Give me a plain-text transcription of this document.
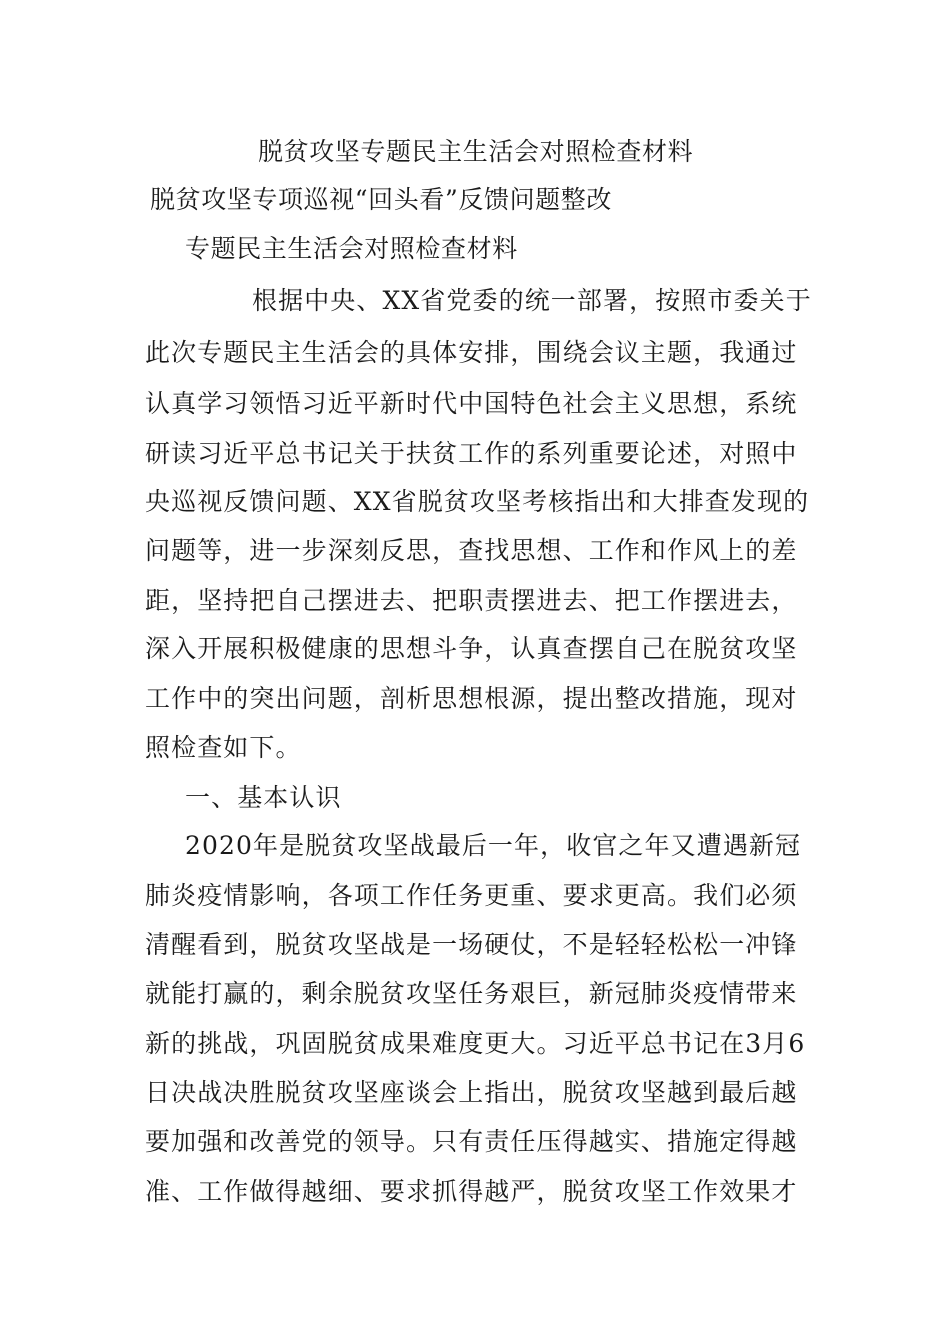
脱贫攻坚专题民主生活会对照检查材料
脱贫攻坚专项巡视“回头看”反馈问题整改
专题民主生活会对照检查材料
根据中央、XX省党委的统一部署，按照市委关于
此次专题民主生活会的具体安排，围绕会议主题，我通过
认真学习领悟习近平新时代中国特色社会主义思想，系统
研读习近平总书记关于扶贫工作的系列重要论述，对照中
央巡视反馈问题、XX省脱贫攻坚考核指出和大排查发现的
问题等，进一步深刻反思，查找思想、工作和作风上的差
距，坚持把自己摆进去、把职责摆进去、把工作摆进去，
深入开展积极健康的思想斗争，认真查摆自己在脱贫攻坚
工作中的突出问题，剖析思想根源，提出整改措施，现对
照检查如下。
一、基本认识
2020年是脱贫攻坚战最后一年，收官之年又遭遇新冠
肺炎疫情影响，各项工作任务更重、要求更高。我们必须
清醒看到，脱贫攻坚战是一场硬仗，不是轻轻松松一冲锋
就能打赢的，剩余脱贫攻坚任务艰巨，新冠肺炎疫情带来
新的挑战，巩固脱贫成果难度更大。习近平总书记在3月6
日决战决胜脱贫攻坚座谈会上指出，脱贫攻坚越到最后越
要加强和改善党的领导。只有责任压得越实、措施定得越
准、工作做得越细、要求抓得越严，脱贫攻坚工作效果才
